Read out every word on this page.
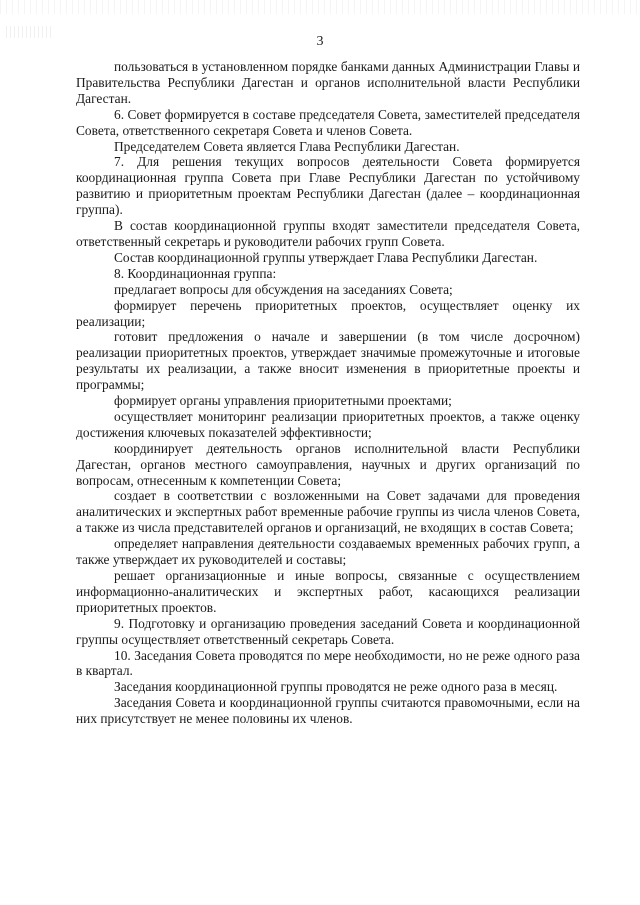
3

пользоваться в установленном порядке банками данных Администрации Главы и Правительства Республики Дагестан и органов исполнительной власти Республики Дагестан.

6. Совет формируется в составе председателя Совета, заместителей председателя Совета, ответственного секретаря Совета и членов Совета.

Председателем Совета является Глава Республики Дагестан.

7. Для решения текущих вопросов деятельности Совета формируется координационная группа Совета при Главе Республики Дагестан по устойчивому развитию и приоритетным проектам Республики Дагестан (далее – координационная группа).

В состав координационной группы входят заместители председателя Совета, ответственный секретарь и руководители рабочих групп Совета.

Состав координационной группы утверждает Глава Республики Дагестан.

8. Координационная группа:

предлагает вопросы для обсуждения на заседаниях Совета;

формирует перечень приоритетных проектов, осуществляет оценку их реализации;

готовит предложения о начале и завершении (в том числе досрочном) реализации приоритетных проектов, утверждает значимые промежуточные и итоговые результаты их реализации, а также вносит изменения в приоритетные проекты и программы;

формирует органы управления приоритетными проектами;

осуществляет мониторинг реализации приоритетных проектов, а также оценку достижения ключевых показателей эффективности;

координирует деятельность органов исполнительной власти Республики Дагестан, органов местного самоуправления, научных и других организаций по вопросам, отнесенным к компетенции Совета;

создает в соответствии с возложенными на Совет задачами для проведения аналитических и экспертных работ временные рабочие группы из числа членов Совета, а также из числа представителей органов и организаций, не входящих в состав Совета;

определяет направления деятельности создаваемых временных рабочих групп, а также утверждает их руководителей и составы;

решает организационные и иные вопросы, связанные с осуществлением информационно-аналитических и экспертных работ, касающихся реализации приоритетных проектов.

9. Подготовку и организацию проведения заседаний Совета и координационной группы осуществляет ответственный секретарь Совета.

10. Заседания Совета проводятся по мере необходимости, но не реже одного раза в квартал.

Заседания координационной группы проводятся не реже одного раза в месяц.

Заседания Совета и координационной группы считаются правомочными, если на них присутствует не менее половины их членов.
